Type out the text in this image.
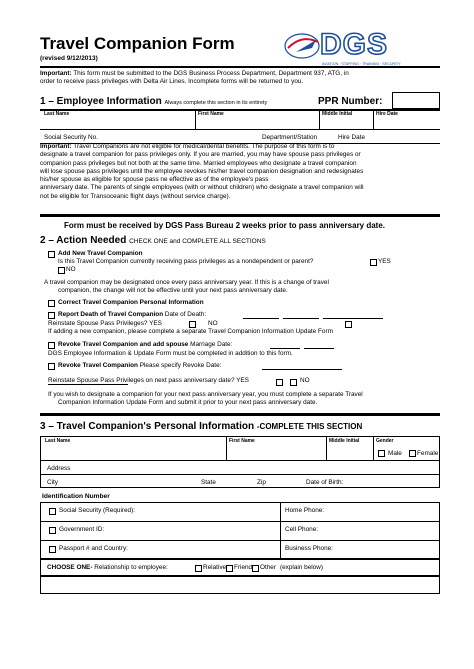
Travel Companion Form
(revised 9/12/2013)	DGS
AVIATION · STAFFING · TRAINING · SECURITY
Important: This form must be submitted to the DGS Business Process Department, Department 937, ATG, in
order to receive pass privileges with Delta Air Lines. Incomplete forms will be returned to you.
1 – Employee Information Always complete this section in its entirety	PPR Number:
Last Name	First Name	Middle Initial	Hire Date
Social Security No.	Department/Station	Hire Date
Important: Travel Companions are not eligible for medical/dental benefits. The purpose of this form is to
designate a travel companion for pass privileges only. If you are married, you may have spouse pass privileges or
companion pass privileges but not both at the same time. Married employees who designate a travel companion
will lose spouse pass privileges until the employee revokes his/her travel companion designation and redesignates
his/her spouse as eligible for spouse pass ne effective as of the employee's pass
anniversary date. The parents of single employees (with or without children) who designate a travel companion will
not be eligible for Transoceanic flight days (without service charge).
Form must be received by DGS Pass Bureau 2 weeks prior to pass anniversary date.
2 – Action Needed CHECK ONE and COMPLETE ALL SECTIONS
Add New Travel Companion
Is this Travel Companion currently receiving pass privileges as a nondependent or parent?	YES
NO
A travel companion may be designated once every pass anniversary year. If this is a change of travel
companion, the change will not be effective until your next pass anniversary date.
Correct Travel Companion Personal Information
Report Death of Travel Companion Date of Death:
Reinstate Spouse Pass Privileges? YES	NO
If adding a new companion, please complete a separate Travel Companion Information Update Form
Revoke Travel Companion and add spouse Marriage Date:
DGS Employee Information & Update Form must be completed in addition to this form.
Revoke Travel Companion Please specify Revoke Date:
Reinstate Spouse Pass Privileges on next pass anniversary date? YES	NO
If you wish to designate a companion for your next pass anniversary year, you must complete a separate Travel
Companion Information Update Form and submit it prior to your next pass anniversary date.
3 – Travel Companion's Personal Information -COMPLETE THIS SECTION
Last Name	First Name	Middle Initial	Gender
Male Female
Address
City	State	Zip	Date of Birth:
Identification Number
Social Security (Required):	Home Phone:
Government ID:	Cell Phone:
Passport # and Country:	Business Phone:
CHOOSE ONE- Relationship to employee:	Relative Friend Other (explain below)
